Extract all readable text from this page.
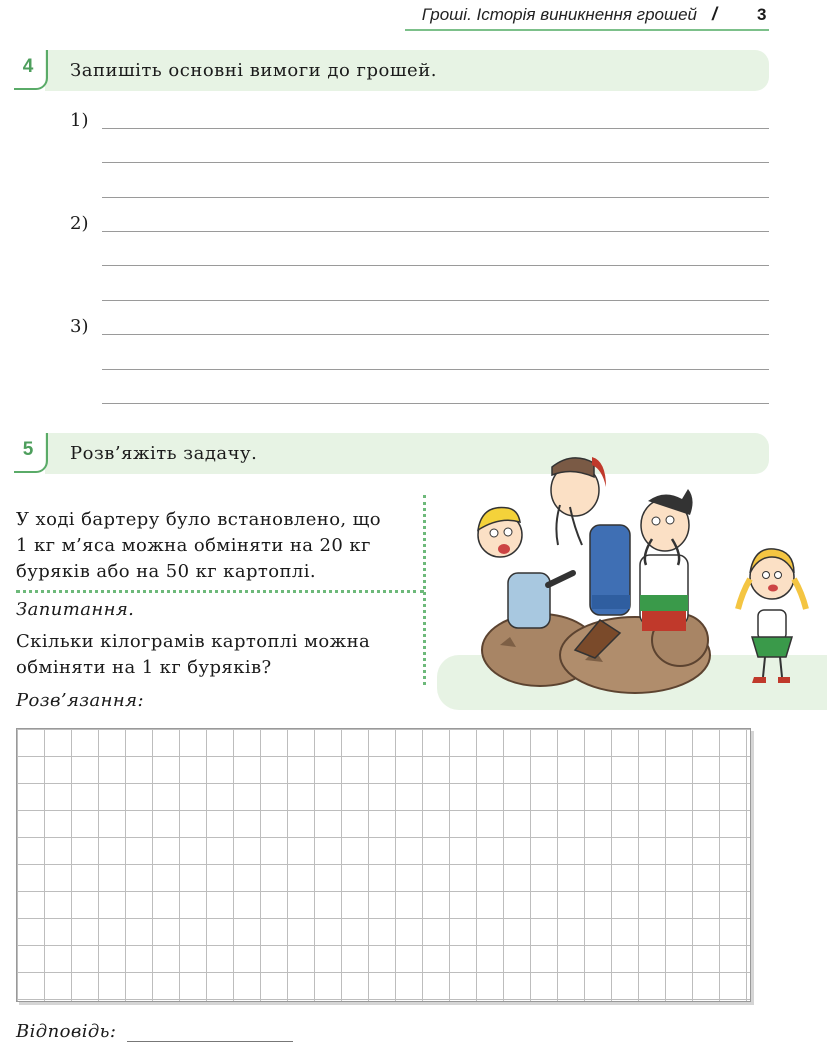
Гроші. Історія виникнення грошей / 3
4	Запишіть основні вимоги до грошей.
1)
2)
3)
5	Розв’яжіть задачу.
У ході бартеру було встановлено, що
1 кг м’яса можна обміняти на 20 кг
буряків або на 50 кг картоплі.
Запитання.
Скільки кілограмів картоплі можна
обміняти на 1 кг буряків?
Розв’язання:
Відповідь:
